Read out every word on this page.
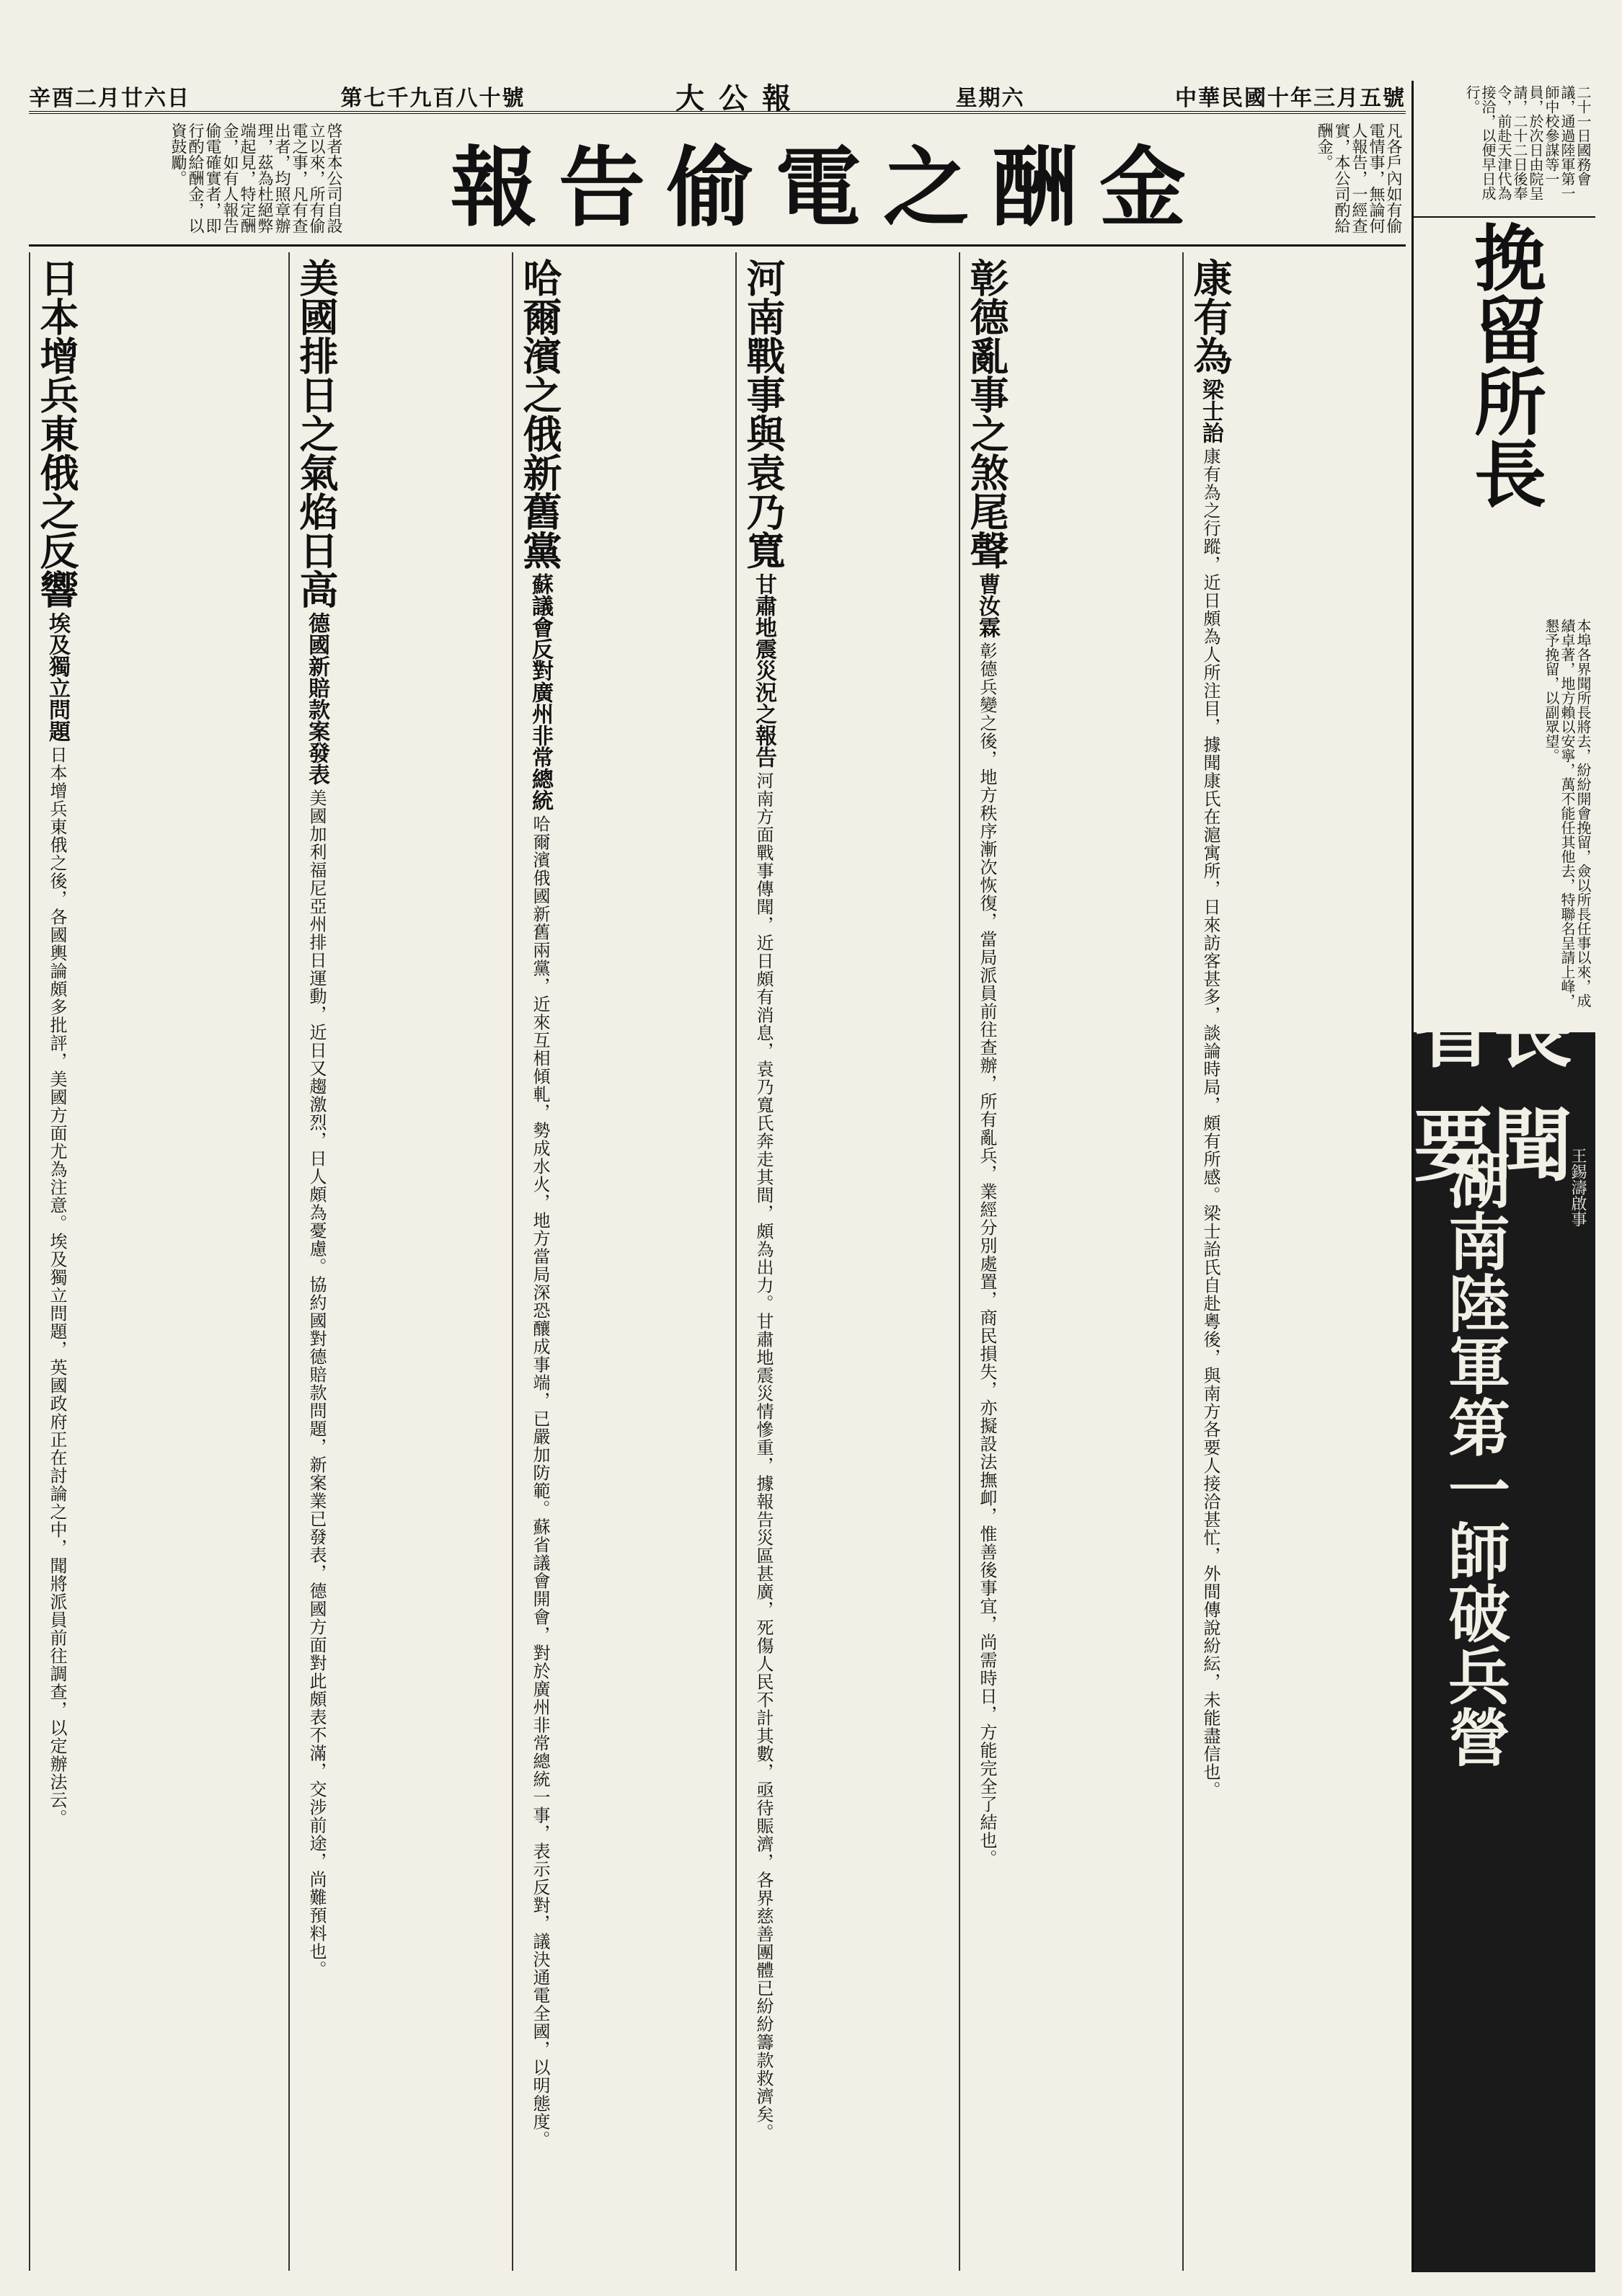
辛酉二月廿六日	第七千九百八十號	大公報	星期六	中華民國十年三月五號
啓者本公司自設立以來，所有偷電之事，凡有查出者，均照章辦理，茲為杜絕弊端起見，特定酬金，如有人報告偷電確實者，即行酌給酬金，以資鼓勵。	報告偷電之酬金	凡各戶內如有偷電情事，無論何人報告，一經查實，本公司酌給酬金。	二十一日國務會議，通過陸軍第一師中校參謀等一員，於次日由院呈請，二十二日後奉令，前赴天津代為接洽，以便早日成行。
挽留所長
本埠各界聞所長將去，紛紛開會挽留，僉以所長任事以來，成績卓著，地方賴以安寧，萬不能任其他去，特聯名呈請上峰，懇予挽留，以副眾望。
省長要聞
湖南陸軍第一師破兵營	王錫濤啟事
康有為 梁士詒 康有為之行蹤，近日頗為人所注目，據聞康氏在滬寓所，日來訪客甚多，談論時局，頗有所感。梁士詒氏自赴粵後，與南方各要人接洽甚忙，外間傳說紛紜，未能盡信也。
彰德亂事之煞尾聲 曹汝霖 彰德兵變之後，地方秩序漸次恢復，當局派員前往查辦，所有亂兵，業經分別處置，商民損失，亦擬設法撫卹，惟善後事宜，尚需時日，方能完全了結也。
河南戰事與袁乃寬 甘肅地震災況之報告 河南方面戰事傳聞，近日頗有消息，袁乃寬氏奔走其間，頗為出力。甘肅地震災情慘重，據報告災區甚廣，死傷人民不計其數，亟待賑濟，各界慈善團體已紛紛籌款救濟矣。
哈爾濱之俄新舊黨 蘇議會反對廣州非常總統 哈爾濱俄國新舊兩黨，近來互相傾軋，勢成水火，地方當局深恐釀成事端，已嚴加防範。蘇省議會開會，對於廣州非常總統一事，表示反對，議決通電全國，以明態度。
美國排日之氣焰日高 德國新賠款案發表 美國加利福尼亞州排日運動，近日又趨激烈，日人頗為憂慮。協約國對德賠款問題，新案業已發表，德國方面對此頗表不滿，交涉前途，尚難預料也。
日本增兵東俄之反響 埃及獨立問題 日本增兵東俄之後，各國輿論頗多批評，美國方面尤為注意。埃及獨立問題，英國政府正在討論之中，聞將派員前往調查，以定辦法云。
